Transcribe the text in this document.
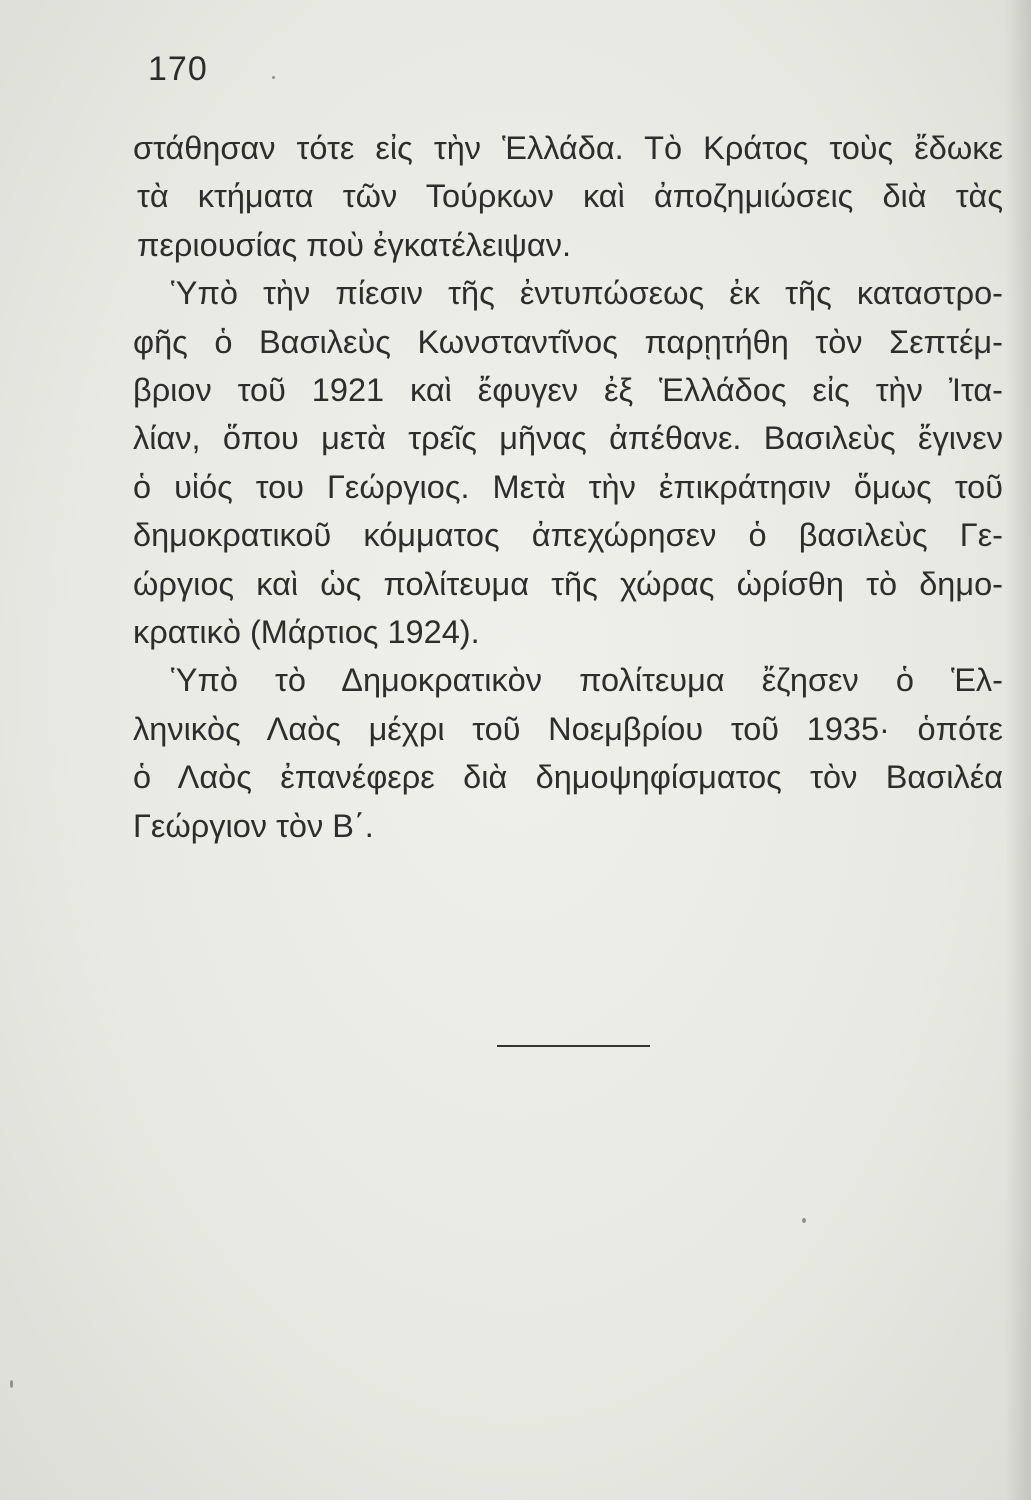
170
στάθησαν τότε εἰς τὴν Ἑλλάδα. Τὸ Κράτος τοὺς ἔδωκε
τὰ κτήματα τῶν Τούρκων καὶ ἀποζημιώσεις διὰ τὰς
περιουσίας ποὺ ἐγκατέλειψαν.
Ὑπὸ τὴν πίεσιν τῆς ἐντυπώσεως ἐκ τῆς καταστρο-
φῆς ὁ Βασιλεὺς Κωνσταντῖνος παρῃτήθη τὸν Σεπτέμ-
βριον τοῦ 1921 καὶ ἔφυγεν ἐξ Ἑλλάδος εἰς τὴν Ἰτα-
λίαν, ὅπου μετὰ τρεῖς μῆνας ἀπέθανε. Βασιλεὺς ἔγινεν
ὁ υἱός του Γεώργιος. Μετὰ τὴν ἐπικράτησιν ὅμως τοῦ
δημοκρατικοῦ κόμματος ἀπεχώρησεν ὁ βασιλεὺς Γε-
ώργιος καὶ ὡς πολίτευμα τῆς χώρας ὡρίσθη τὸ δημο-
κρατικὸ (Μάρτιος 1924).
Ὑπὸ τὸ Δημοκρατικὸν πολίτευμα ἔζησεν ὁ Ἑλ-
ληνικὸς Λαὸς μέχρι τοῦ Νοεμβρίου τοῦ 1935· ὁπότε
ὁ Λαὸς ἐπανέφερε διὰ δημοψηφίσματος τὸν Βασιλέα
Γεώργιον τὸν Β΄.
